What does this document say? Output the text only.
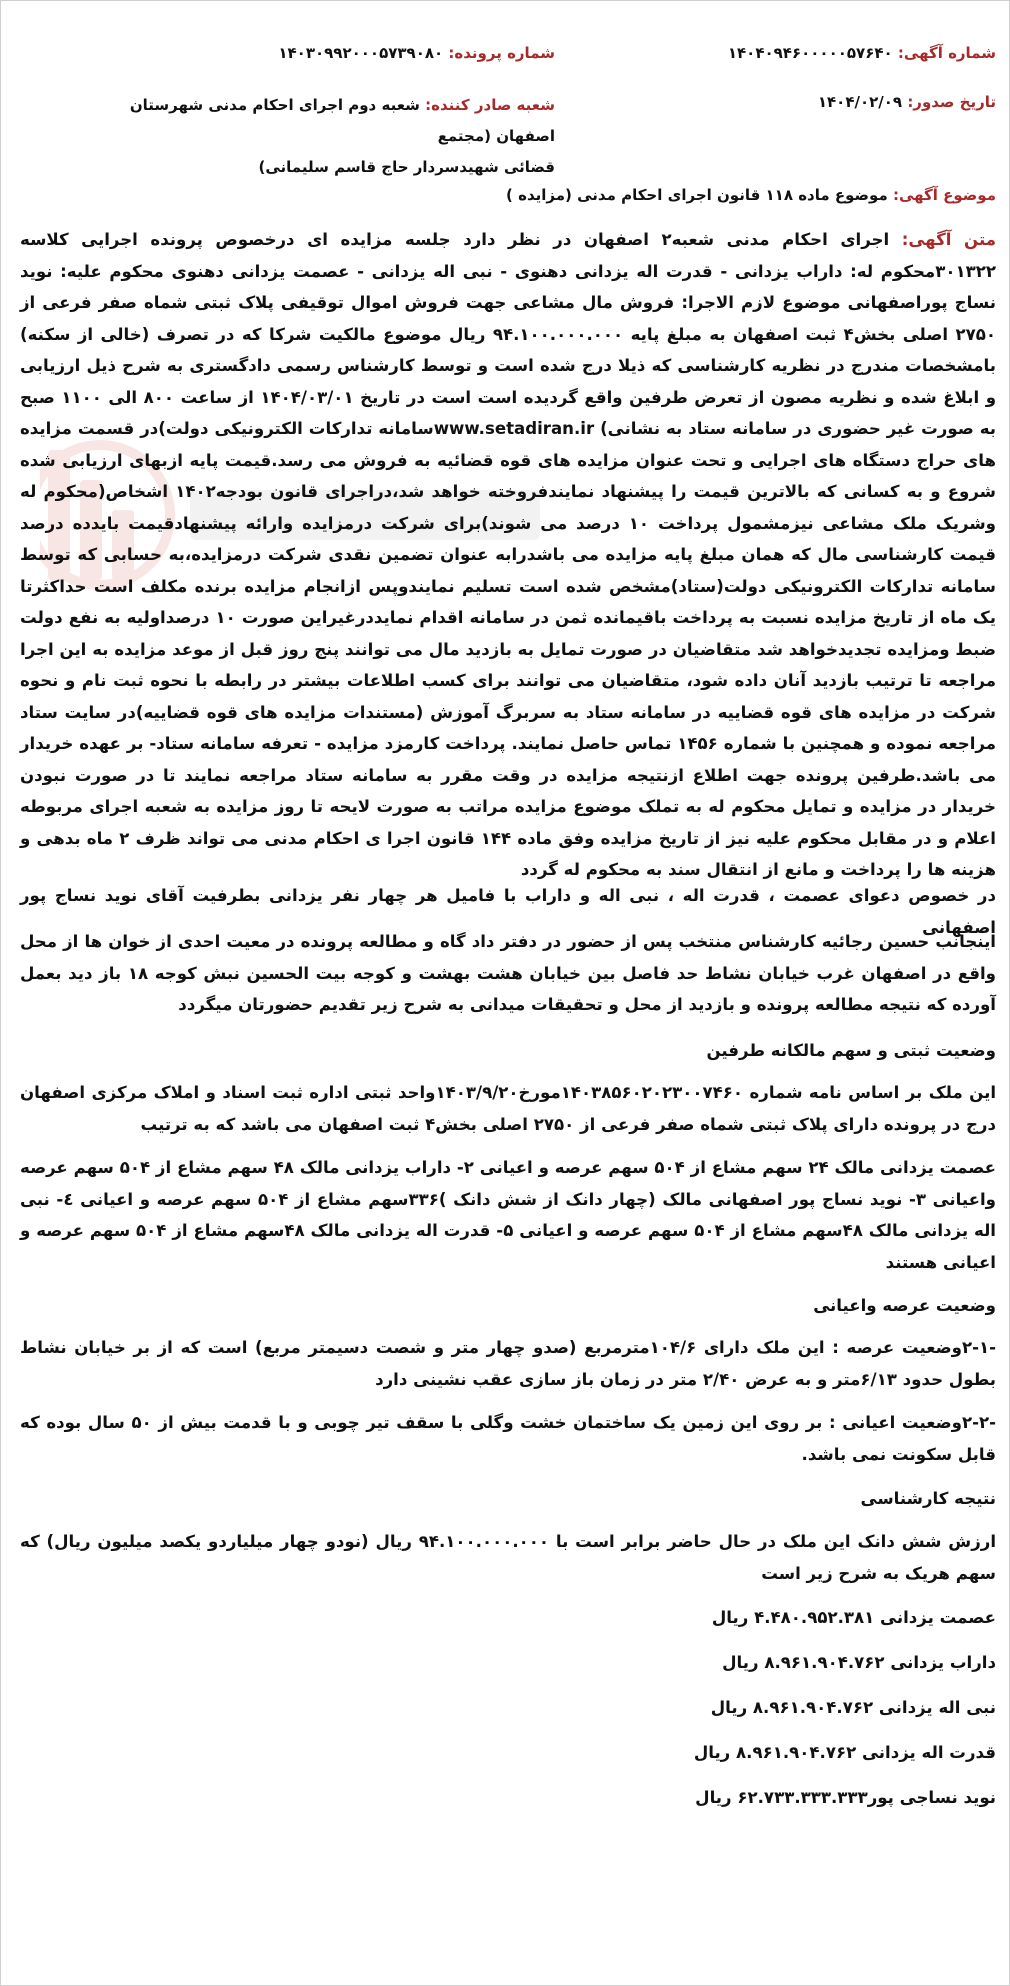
شماره آگهی: ۱۴۰۴۰۹۴۶۰۰۰۰۰۵۷۶۴۰
شماره پرونده: ۱۴۰۳۰۹۹۲۰۰۰۵۷۳۹۰۸۰
تاریخ صدور: ۱۴۰۴/۰۲/۰۹
شعبه صادر کننده: شعبه دوم اجرای احکام مدنی شهرستان اصفهان (مجتمع
قضائی شهیدسردار حاج قاسم سلیمانی)
موضوع آگهی: موضوع ماده ۱۱۸ قانون اجرای احکام مدنی (مزایده )

متن آگهی: اجرای احکام مدنی شعبه۲ اصفهان در نظر دارد جلسه مزایده ای درخصوص پرونده اجرایی کلاسه ۳۰۱۳۲۲محکوم له: داراب یزدانی - قدرت اله یزدانی دهنوی - نبی اله یزدانی - عصمت یزدانی دهنوی محکوم علیه: نوید نساج پوراصفهانی موضوع لازم الاجرا: فروش مال مشاعی جهت فروش اموال توقیفی پلاک ثبتی شماه صفر فرعی از ۲۷۵۰ اصلی بخش۴ ثبت اصفهان به مبلغ پایه ۹۴.۱۰۰.۰۰۰.۰۰۰ ریال موضوع مالکیت شرکا که در تصرف (خالی از سکنه) بامشخصات مندرج در نظریه کارشناسی که ذیلا درج شده است و توسط کارشناس رسمی دادگستری به شرح ذیل ارزیابی و ابلاغ شده و نظریه مصون از تعرض طرفین واقع گردیده است است در تاریخ ۱۴۰۴/۰۳/۰۱ از ساعت ۸۰۰ الی ۱۱۰۰ صبح به صورت غیر حضوری در سامانه ستاد به نشانی) www.setadiran.irسامانه تدارکات الکترونیکی دولت)در قسمت مزایده های حراج دستگاه های اجرایی و تحت عنوان مزایده های قوه قضائیه به فروش می رسد.قیمت پایه ازبهای ارزیابی شده شروع و به کسانی که بالاترین قیمت را پیشنهاد نمایندفروخته خواهد شد،دراجرای قانون بودجه۱۴۰۲ اشخاص(محکوم له وشریک ملک مشاعی نیزمشمول پرداخت ۱۰ درصد می شوند)برای شرکت درمزایده وارائه پیشنهادقیمت بایدده درصد قیمت کارشناسی مال که همان مبلغ پایه مزایده می باشدرابه عنوان تضمین نقدی شرکت درمزایده،به حسابی که توسط سامانه تدارکات الکترونیکی دولت(ستاد)مشخص شده است تسلیم نمایندوپس ازانجام مزایده برنده مکلف است حداکثرتا یک ماه از تاریخ مزایده نسبت به پرداخت باقیمانده ثمن در سامانه اقدام نمایددرغیراین صورت ۱۰ درصداولیه به نفع دولت ضبط ومزایده تجدیدخواهد شد متقاضیان در صورت تمایل به بازدید مال می توانند پنج روز قبل از موعد مزایده به این اجرا مراجعه تا ترتیب بازدید آنان داده شود، متقاضیان می توانند برای کسب اطلاعات بیشتر در رابطه با نحوه ثبت نام و نحوه شرکت در مزایده های قوه قضاییه در سامانه ستاد به سربرگ آموزش (مستندات مزایده های قوه قضاییه)در سایت ستاد مراجعه نموده و همچنین با شماره ۱۴۵۶ تماس حاصل نمایند. پرداخت کارمزد مزایده - تعرفه سامانه ستاد- بر عهده خریدار می باشد.طرفین پرونده جهت اطلاع ازنتیجه مزایده در وقت مقرر به سامانه ستاد مراجعه نمایند تا در صورت نبودن خریدار در مزایده و تمایل محکوم له به تملک موضوع مزایده مراتب به صورت لایحه تا روز مزایده به شعبه اجرای مربوطه اعلام و در مقابل محکوم علیه نیز از تاریخ مزایده وفق ماده ۱۴۴ قانون اجرا ی احکام مدنی می تواند ظرف ۲ ماه بدهی و هزینه ها را پرداخت و مانع از انتقال سند به محکوم له گردد

در خصوص دعوای عصمت ، قدرت اله ، نبی اله و داراب با فامیل هر چهار نفر یزدانی بطرفیت آقای نوید نساج پور اصفهانی

اینجانب حسین رجائیه کارشناس منتخب پس از حضور در دفتر داد گاه و مطالعه پرونده در معیت احدی از خوان ها از محل واقع در اصفهان غرب خیابان نشاط حد فاصل بین خیابان هشت بهشت و کوجه بیت الحسین نبش کوجه ۱۸ باز دید بعمل آورده که نتیجه مطالعه پرونده و بازدید از محل و تحقیقات میدانی به شرح زیر تقدیم حضورتان میگردد

وضعیت ثبتی و سهم مالکانه طرفین

این ملک بر اساس نامه شماره ۱۴۰۳۸۵۶۰۲۰۲۳۰۰۷۴۶۰مورخ۱۴۰۳/۹/۲۰واحد ثبتی اداره ثبت اسناد و املاک مرکزی اصفهان درج در پرونده دارای پلاک ثبتی شماه صفر فرعی از ۲۷۵۰ اصلی بخش۴ ثبت اصفهان می باشد که به ترتیب

عصمت یزدانی مالک ۲۴ سهم مشاع از ۵۰۴ سهم عرصه و اعیانی ۲- داراب یزدانی مالک ۴۸ سهم مشاع از ۵۰۴ سهم عرصه واعیانی ۳- نوید نساج پور اصفهانی مالک (چهار دانک از شش دانک )۳۳۶سهم مشاع از ۵۰۴ سهم عرصه و اعیانی ٤- نبی اله یزدانی مالک ۴۸سهم مشاع از ۵۰۴ سهم عرصه و اعیانی ۵- قدرت اله یزدانی مالک ۴۸سهم مشاع از ۵۰۴ سهم عرصه و اعیانی هستند

وضعیت عرصه واعیانی

-۲-۱وضعیت عرصه : این ملک دارای ۱۰۴/۶مترمربع (صدو چهار متر و شصت دسیمتر مربع) است که از بر خیابان نشاط بطول حدود ۶/۱۳متر و به عرض ۲/۴۰ متر در زمان باز سازی عقب نشینی دارد

-۲-۲وضعیت اعیانی : بر روی این زمین یک ساختمان خشت وگلی با سقف تیر چوبی و با قدمت بیش از ۵۰ سال بوده که قابل سکونت نمی باشد.

نتیجه کارشناسی

ارزش شش دانک این ملک در حال حاضر برابر است با ۹۴.۱۰۰.۰۰۰.۰۰۰ ریال (نودو چهار میلیاردو یکصد میلیون ریال) که سهم هریک به شرح زیر است

عصمت یزدانی ۴.۴۸۰.۹۵۲.۳۸۱ ریال

داراب یزدانی ۸.۹۶۱.۹۰۴.۷۶۲ ریال

نبی اله یزدانی ۸.۹۶۱.۹۰۴.۷۶۲ ریال

قدرت اله یزدانی ۸.۹۶۱.۹۰۴.۷۶۲ ریال

نوید نساجی پور۶۲.۷۳۳.۳۳۳.۳۳۳ ریال
